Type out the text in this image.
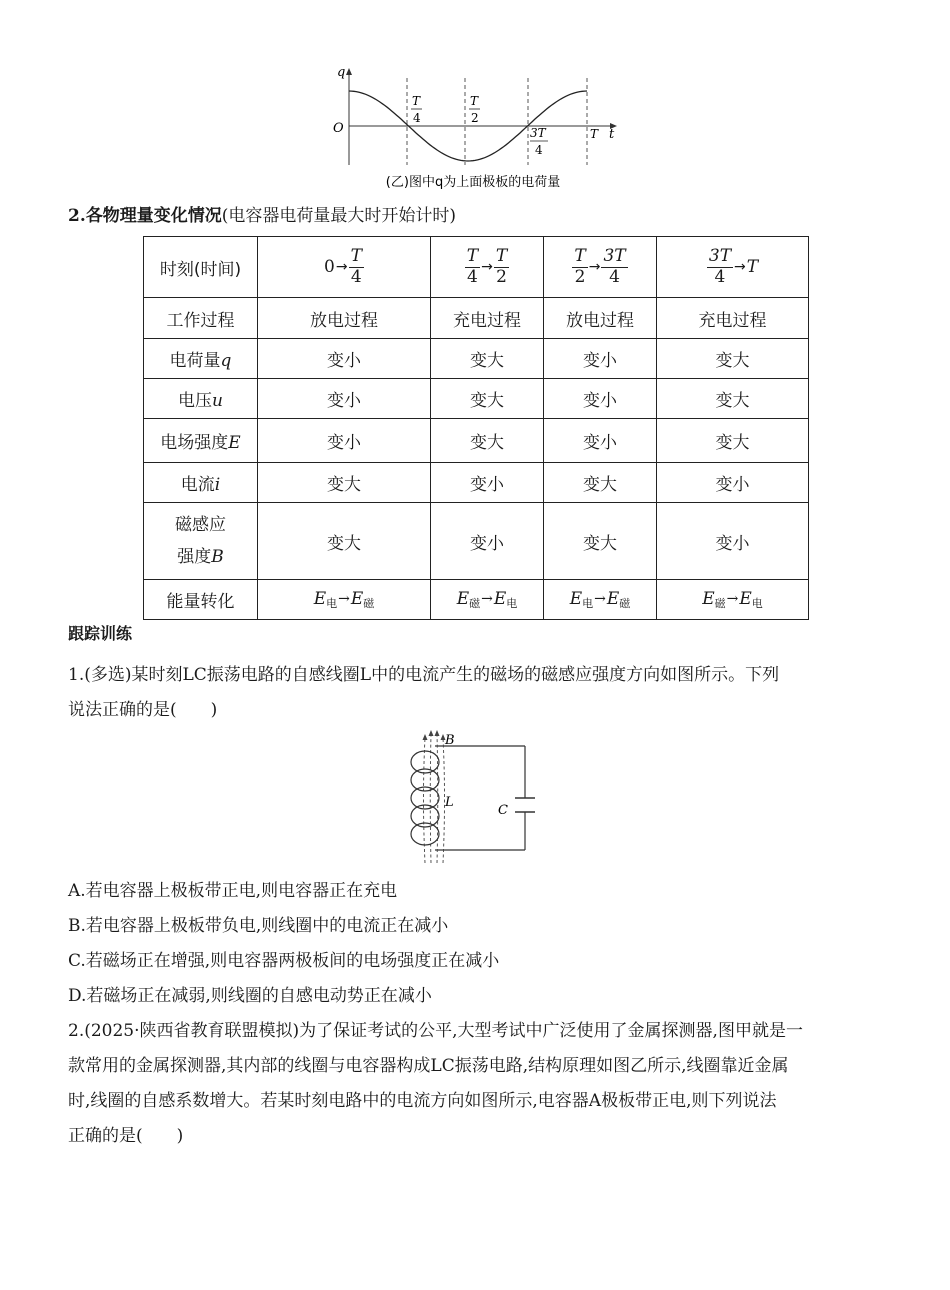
q
t
O
T
4
T
2
3T
4
T
(乙)图中q为上面极板的电荷量
2.各物理量变化情况(电容器电荷量最大时开始计时)
时刻(时间)	$0\to \frac{T}{4}$	$\frac{T}{4} \to \frac{T}{2}$	$\frac{T}{2} \to \frac{3T}{4}$	$\frac{3T}{4} \to T$
工作过程	放电过程	充电过程	放电过程	充电过程
电荷量q	变小	变大	变小	变大
电压u	变小	变大	变小	变大
电场强度E	变小	变大	变小	变大
电流i	变大	变小	变大	变小
磁感应
强度B	变大	变小	变大	变小
能量转化	$E_电\to E_磁$	$E_磁\to E_电$	$E_电\to E_磁$	$E_磁\to E_电$
跟踪训练
1.(多选)某时刻LC振荡电路的自感线圈L中的电流产生的磁场的磁感应强度方向如图所示。下列
说法正确的是(　　)
B
L
C
A.若电容器上极板带正电,则电容器正在充电
B.若电容器上极板带负电,则线圈中的电流正在减小
C.若磁场正在增强,则电容器两极板间的电场强度正在减小
D.若磁场正在减弱,则线圈的自感电动势正在减小
2.(2025·陕西省教育联盟模拟)为了保证考试的公平,大型考试中广泛使用了金属探测器,图甲就是一
款常用的金属探测器,其内部的线圈与电容器构成LC振荡电路,结构原理如图乙所示,线圈靠近金属
时,线圈的自感系数增大。若某时刻电路中的电流方向如图所示,电容器A极板带正电,则下列说法
正确的是(　　)
